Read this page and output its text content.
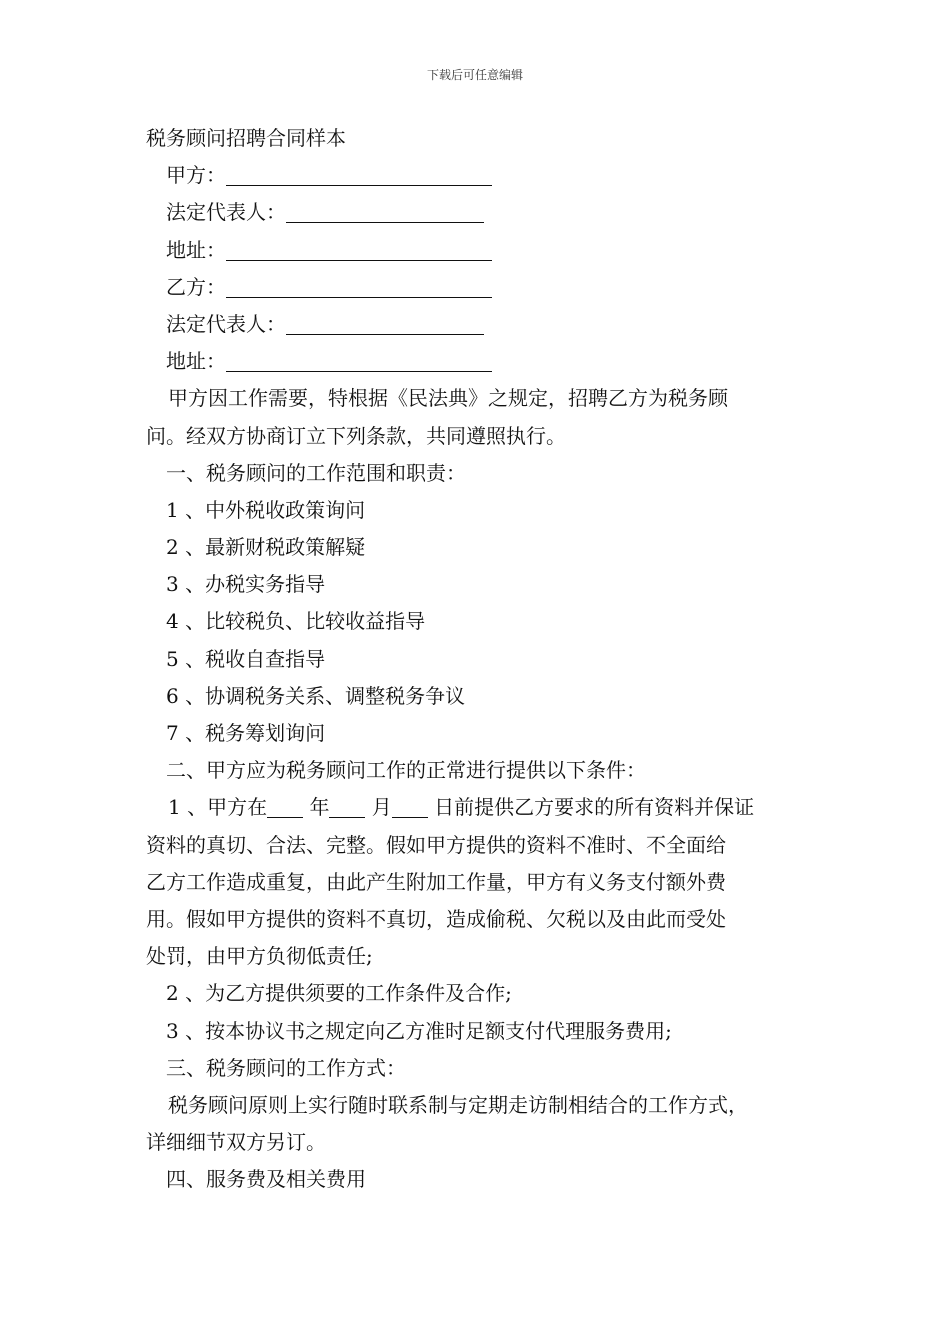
下载后可任意编辑
税务顾问招聘合同样本
甲方：
法定代表人：
地址：
乙方：
法定代表人：
地址：
甲方因工作需要，特根据《民法典》之规定，招聘乙方为税务顾
问。经双方协商订立下列条款，共同遵照执行。
一、税务顾问的工作范围和职责：
1 、中外税收政策询问
2 、最新财税政策解疑
3 、办税实务指导
4 、比较税负、比较收益指导
5 、税收自查指导
6 、协调税务关系、调整税务争议
7 、税务筹划询问
二、甲方应为税务顾问工作的正常进行提供以下条件：
1 、甲方在 年 月 日前提供乙方要求的所有资料并保证
资料的真切、合法、完整。假如甲方提供的资料不准时、不全面给
乙方工作造成重复，由此产生附加工作量，甲方有义务支付额外费
用。假如甲方提供的资料不真切，造成偷税、欠税以及由此而受处
处罚，由甲方负彻低责任;
2 、为乙方提供须要的工作条件及合作;
3 、按本协议书之规定向乙方准时足额支付代理服务费用;
三、税务顾问的工作方式：
税务顾问原则上实行随时联系制与定期走访制相结合的工作方式，
详细细节双方另订。
四、服务费及相关费用
